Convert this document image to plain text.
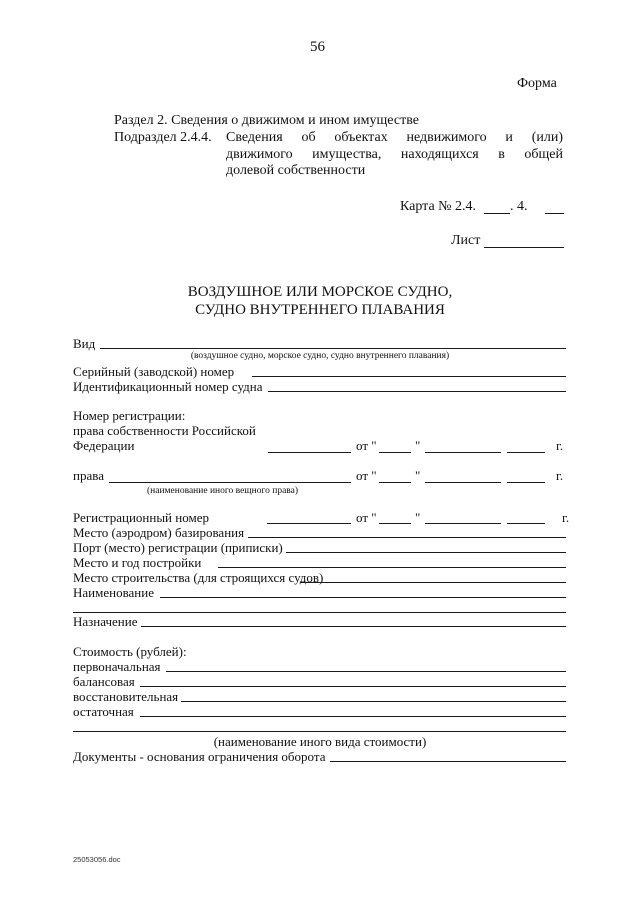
56
Форма
Раздел 2. Сведения о движимом и ином имуществе
Подраздел 2.4.4. Сведения об объектах недвижимого и (или)
движимого имущества, находящихся в общей
долевой собственности
Карта № 2.4. . 4.
Лист
ВОЗДУШНОЕ ИЛИ МОРСКОЕ СУДНО,
СУДНО ВНУТРЕННЕГО ПЛАВАНИЯ
Вид
(воздушное судно, морское судно, судно внутреннего плавания)
Серийный (заводской) номер
Идентификационный номер судна
Номер регистрации:
права собственности Российской
Федерации	от "	"	г.
права	от "	"	г.
(наименование иного вещного права)
Регистрационный номер	от "	"	г.
Место (аэродром) базирования
Порт (место) регистрации (приписки)
Место и год постройки
Место строительства (для строящихся судов)
Наименование
Назначение
Стоимость (рублей):
первоначальная
балансовая
восстановительная
остаточная
(наименование иного вида стоимости)
Документы - основания ограничения оборота
25053056.doc
